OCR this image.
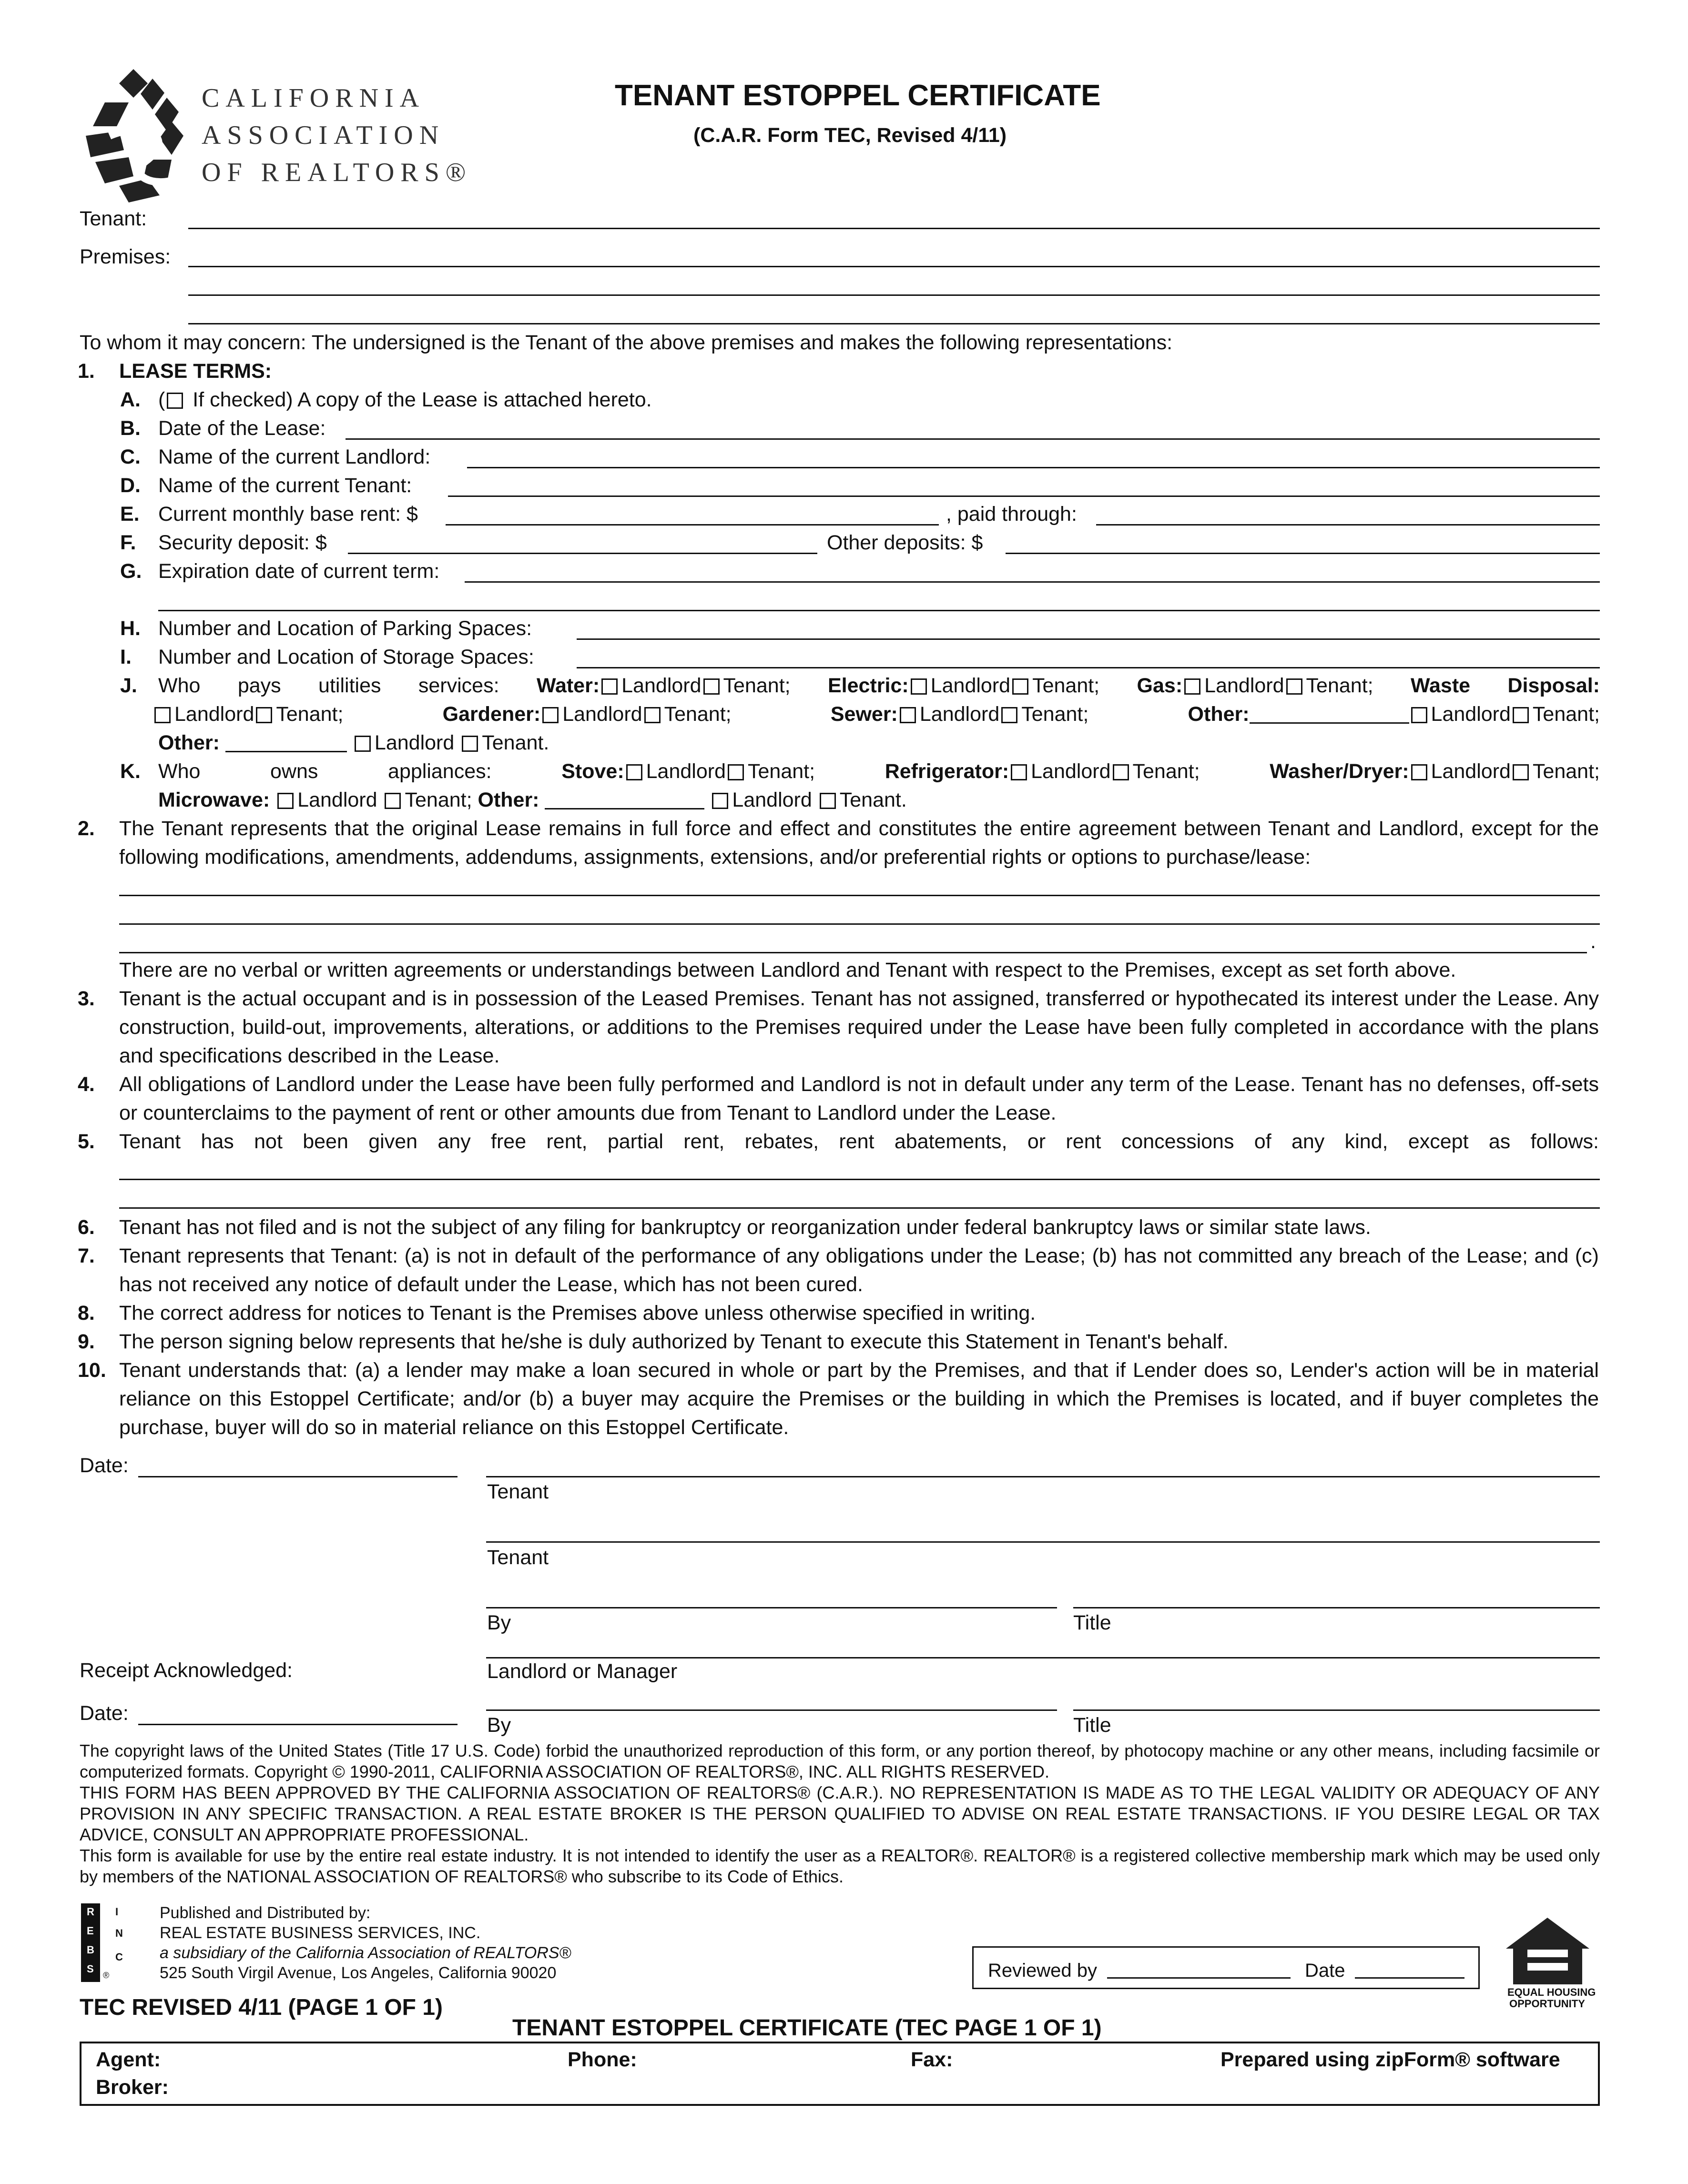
CALIFORNIA
ASSOCIATION
OF REALTORS®
TENANT ESTOPPEL CERTIFICATE
(C.A.R. Form TEC, Revised 4/11)
Tenant:
Premises:
To whom it may concern: The undersigned is the Tenant of the above premises and makes the following representations:
1. LEASE TERMS:
A. ( If checked) A copy of the Lease is attached hereto.
B. Date of the Lease:
C. Name of the current Landlord:
D. Name of the current Tenant:
E. Current monthly base rent: $	, paid through:
F. Security deposit: $	Other deposits: $
G. Expiration date of current term:
H. Number and Location of Parking Spaces:
I. Number and Location of Storage Spaces:
J. Who pays utilities services: Water: Landlord Tenant; Electric: Landlord Tenant; Gas: Landlord Tenant; Waste Disposal:
Landlord Tenant;	Gardener: Landlord Tenant;	Sewer: Landlord Tenant;	Other:	Landlord Tenant;
Other:	Landlord Tenant.
K. Who owns appliances:	Stove: Landlord Tenant;	Refrigerator: Landlord Tenant;	Washer/Dryer: Landlord Tenant;
Microwave: Landlord Tenant; Other:	Landlord Tenant.
2. The Tenant represents that the original Lease remains in full force and effect and constitutes the entire agreement between Tenant and Landlord, except for the following modifications, amendments, addendums, assignments, extensions, and/or preferential rights or options to purchase/lease:
.
There are no verbal or written agreements or understandings between Landlord and Tenant with respect to the Premises, except as set forth above.
3. Tenant is the actual occupant and is in possession of the Leased Premises. Tenant has not assigned, transferred or hypothecated its interest under the Lease. Any construction, build-out, improvements, alterations, or additions to the Premises required under the Lease have been fully completed in accordance with the plans and specifications described in the Lease.
4. All obligations of Landlord under the Lease have been fully performed and Landlord is not in default under any term of the Lease. Tenant has no defenses, off-sets or counterclaims to the payment of rent or other amounts due from Tenant to Landlord under the Lease.
5. Tenant has not been given any free rent, partial rent, rebates, rent abatements, or rent concessions of any kind, except as follows:
6. Tenant has not filed and is not the subject of any filing for bankruptcy or reorganization under federal bankruptcy laws or similar state laws.
7. Tenant represents that Tenant: (a) is not in default of the performance of any obligations under the Lease; (b) has not committed any breach of the Lease; and (c) has not received any notice of default under the Lease, which has not been cured.
8. The correct address for notices to Tenant is the Premises above unless otherwise specified in writing.
9. The person signing below represents that he/she is duly authorized by Tenant to execute this Statement in Tenant's behalf.
10. Tenant understands that: (a) a lender may make a loan secured in whole or part by the Premises, and that if Lender does so, Lender's action will be in material reliance on this Estoppel Certificate; and/or (b) a buyer may acquire the Premises or the building in which the Premises is located, and if buyer completes the purchase, buyer will do so in material reliance on this Estoppel Certificate.
Date:
Tenant
Tenant
By	Title
Receipt Acknowledged:	Landlord or Manager
Date:
By	Title
The copyright laws of the United States (Title 17 U.S. Code) forbid the unauthorized reproduction of this form, or any portion thereof, by photocopy machine or any other means, including facsimile or computerized formats. Copyright © 1990-2011, CALIFORNIA ASSOCIATION OF REALTORS®, INC. ALL RIGHTS RESERVED.
THIS FORM HAS BEEN APPROVED BY THE CALIFORNIA ASSOCIATION OF REALTORS® (C.A.R.). NO REPRESENTATION IS MADE AS TO THE LEGAL VALIDITY OR ADEQUACY OF ANY PROVISION IN ANY SPECIFIC TRANSACTION. A REAL ESTATE BROKER IS THE PERSON QUALIFIED TO ADVISE ON REAL ESTATE TRANSACTIONS. IF YOU DESIRE LEGAL OR TAX ADVICE, CONSULT AN APPROPRIATE PROFESSIONAL.
This form is available for use by the entire real estate industry. It is not intended to identify the user as a REALTOR®. REALTOR® is a registered collective membership mark which may be used only by members of the NATIONAL ASSOCIATION OF REALTORS® who subscribe to its Code of Ethics.
R
E
B
S
I
N
C
®
Published and Distributed by:
REAL ESTATE BUSINESS SERVICES, INC.
a subsidiary of the California Association of REALTORS®
525 South Virgil Avenue, Los Angeles, California 90020	Reviewed by	Date
EQUAL HOUSING
OPPORTUNITY
TEC REVISED 4/11 (PAGE 1 OF 1)
TENANT ESTOPPEL CERTIFICATE (TEC PAGE 1 OF 1)
Agent:	Phone:	Fax:	Prepared using zipForm® software
Broker:
